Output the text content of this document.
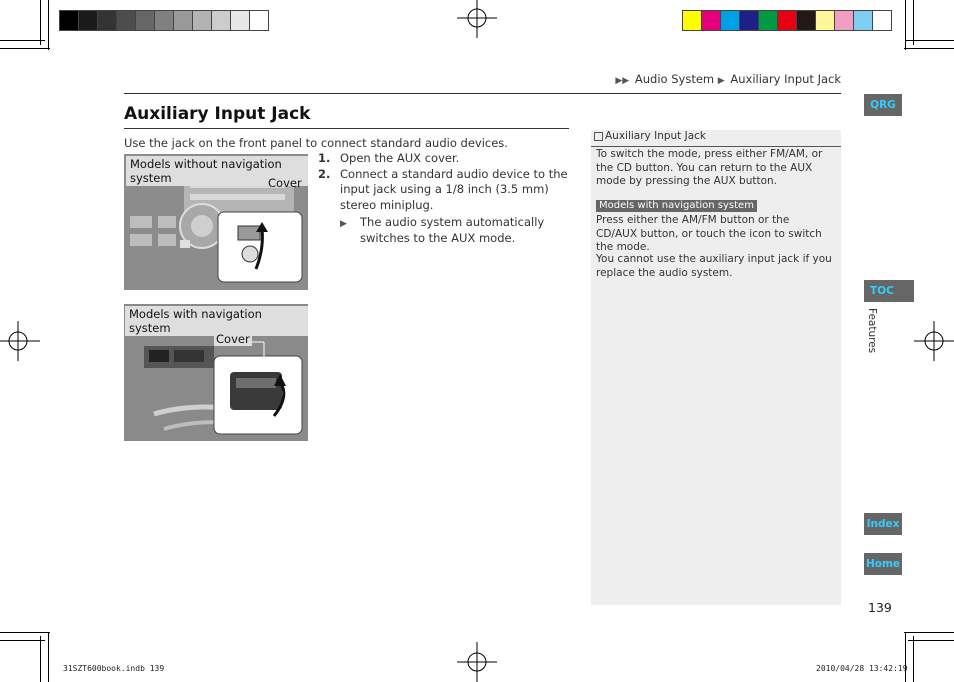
▶▶ Audio System ▶ Auxiliary Input Jack
Auxiliary Input Jack
Use the jack on the front panel to connect standard audio devices.
Models without navigation
system	Cover
Models with navigation system
Cover
1. Open the AUX cover.
2. Connect a standard audio device to the input jack using a 1/8 inch (3.5 mm) stereo miniplug.
▶	The audio system automatically switches to the AUX mode.
Auxiliary Input Jack
To switch the mode, press either FM/AM, or the CD button. You can return to the AUX mode by pressing the AUX button.
Models with navigation system
Press either the AM/FM button or the CD/AUX button, or touch the icon to switch the mode.
You cannot use the auxiliary input jack if you replace the audio system.
QRG
TOC
Features
Index
Home
139
31SZT600book.indb 139	2010/04/28 13:42:19
